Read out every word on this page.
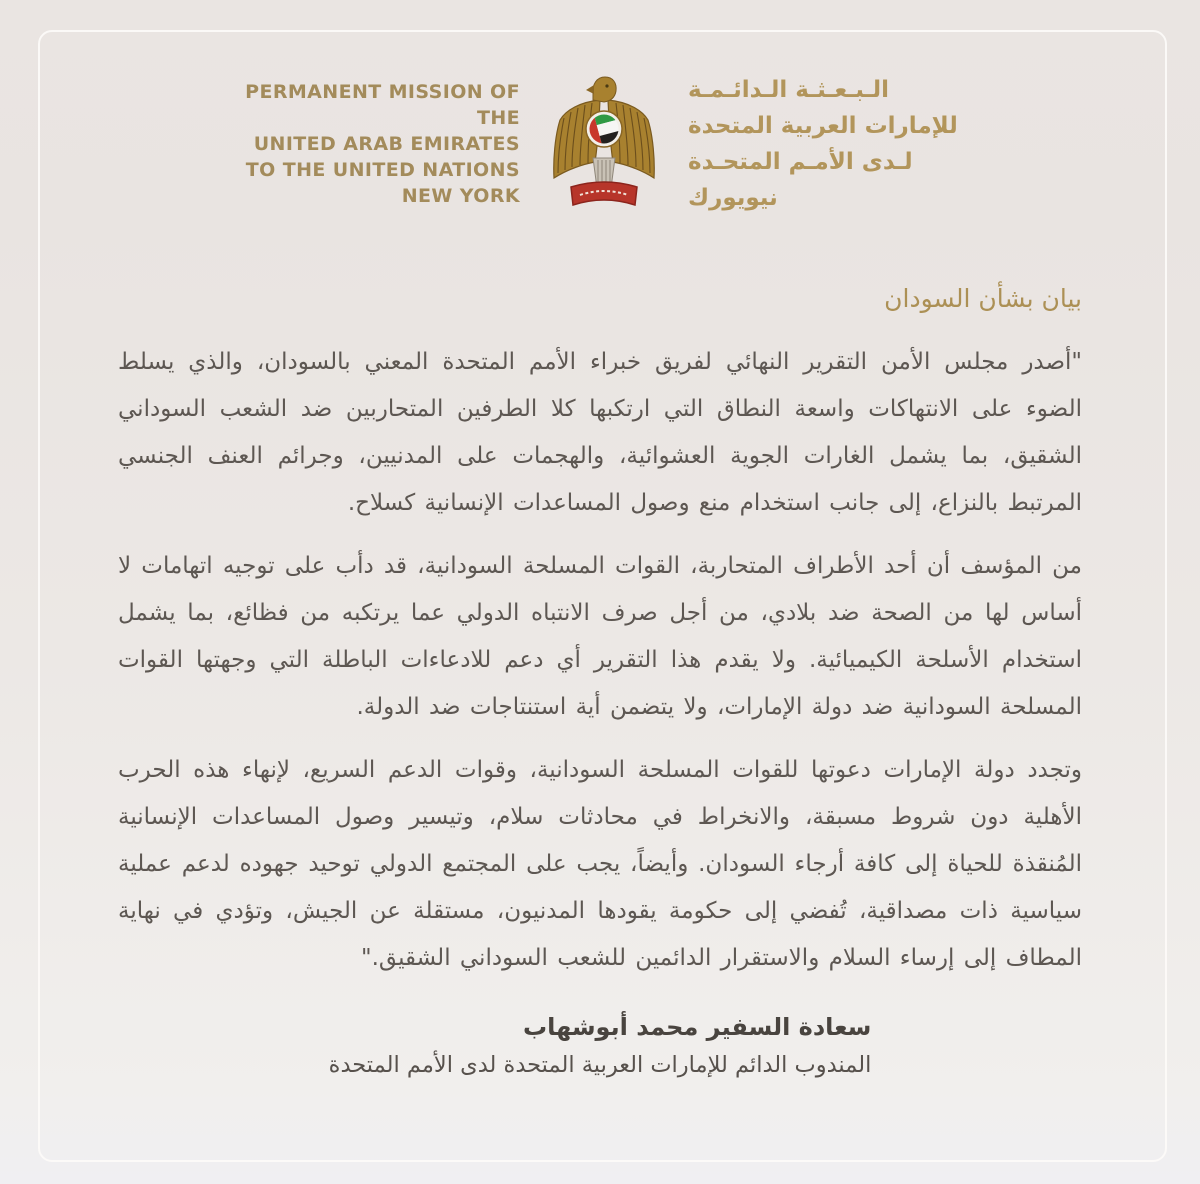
PERMANENT MISSION OF THE
UNITED ARAB EMIRATES
TO THE UNITED NATIONS
NEW YORK
الـبـعـثـة الـدائـمـة
للإمارات العربية المتحدة
لـدى الأمـم المتحـدة
نيويورك
بيان بشأن السودان

"أصدر مجلس الأمن التقرير النهائي لفريق خبراء الأمم المتحدة المعني بالسودان، والذي يسلط الضوء على الانتهاكات واسعة النطاق التي ارتكبها كلا الطرفين المتحاربين ضد الشعب السوداني الشقيق، بما يشمل الغارات الجوية العشوائية، والهجمات على المدنيين، وجرائم العنف الجنسي المرتبط بالنزاع، إلى جانب استخدام منع وصول المساعدات الإنسانية كسلاح.

من المؤسف أن أحد الأطراف المتحاربة، القوات المسلحة السودانية، قد دأب على توجيه اتهامات لا أساس لها من الصحة ضد بلادي، من أجل صرف الانتباه الدولي عما يرتكبه من فظائع، بما يشمل استخدام الأسلحة الكيميائية. ولا يقدم هذا التقرير أي دعم للادعاءات الباطلة التي وجهتها القوات المسلحة السودانية ضد دولة الإمارات، ولا يتضمن أية استنتاجات ضد الدولة.

وتجدد دولة الإمارات دعوتها للقوات المسلحة السودانية، وقوات الدعم السريع، لإنهاء هذه الحرب الأهلية دون شروط مسبقة، والانخراط في محادثات سلام، وتيسير وصول المساعدات الإنسانية المُنقذة للحياة إلى كافة أرجاء السودان. وأيضاً، يجب على المجتمع الدولي توحيد جهوده لدعم عملية سياسية ذات مصداقية، تُفضي إلى حكومة يقودها المدنيون، مستقلة عن الجيش، وتؤدي في نهاية المطاف إلى إرساء السلام والاستقرار الدائمين للشعب السوداني الشقيق."

سعادة السفير محمد أبوشهاب
المندوب الدائم للإمارات العربية المتحدة لدى الأمم المتحدة
